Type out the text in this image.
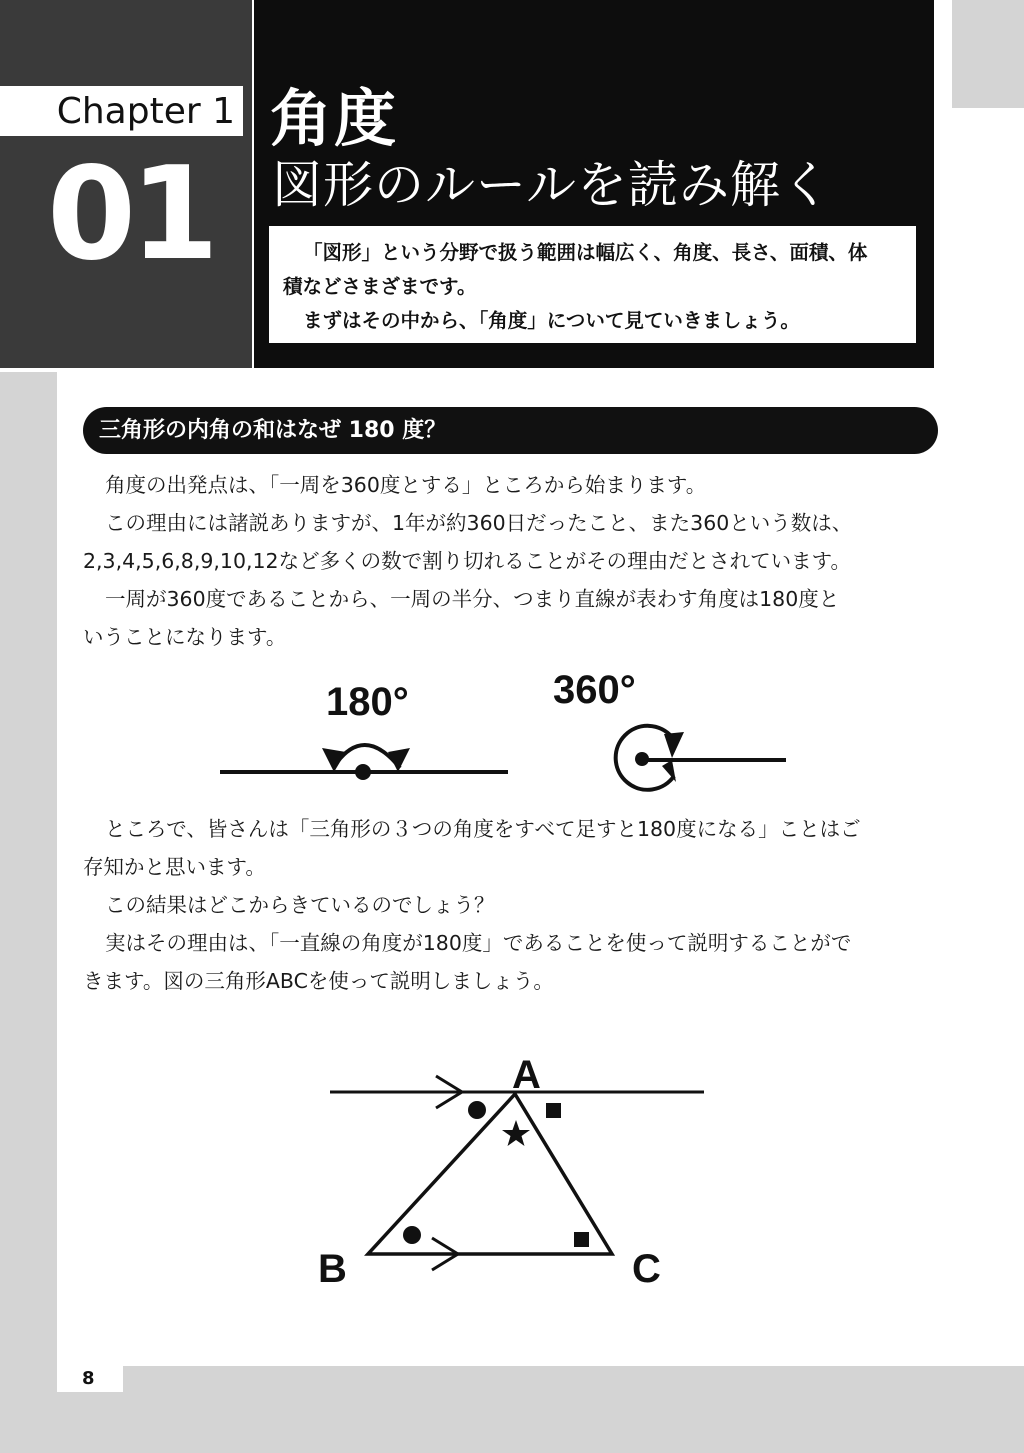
Chapter 1
01
角度
図形のルールを読み解く

「図形」という分野で扱う範囲は幅広く、角度、長さ、面積、体

積などさまざまです。

まずはその中から、「角度」について見ていきましょう。

三角形の内角の和はなぜ 180 度？

角度の出発点は、「一周を360度とする」ところから始まります。

この理由には諸説ありますが、1年が約360日だったこと、また360という数は、

2,3,4,5,6,8,9,10,12など多くの数で割り切れることがその理由だとされています。

一周が360度であることから、一周の半分、つまり直線が表わす角度は180度と

いうことになります。

180°	360°

ところで、皆さんは「三角形の３つの角度をすべて足すと180度になる」ことはご

存知かと思います。

この結果はどこからきているのでしょう？

実はその理由は、「一直線の角度が180度」であることを使って説明することがで

きます。図の三角形ABCを使って説明しましょう。

A
B	C
8
